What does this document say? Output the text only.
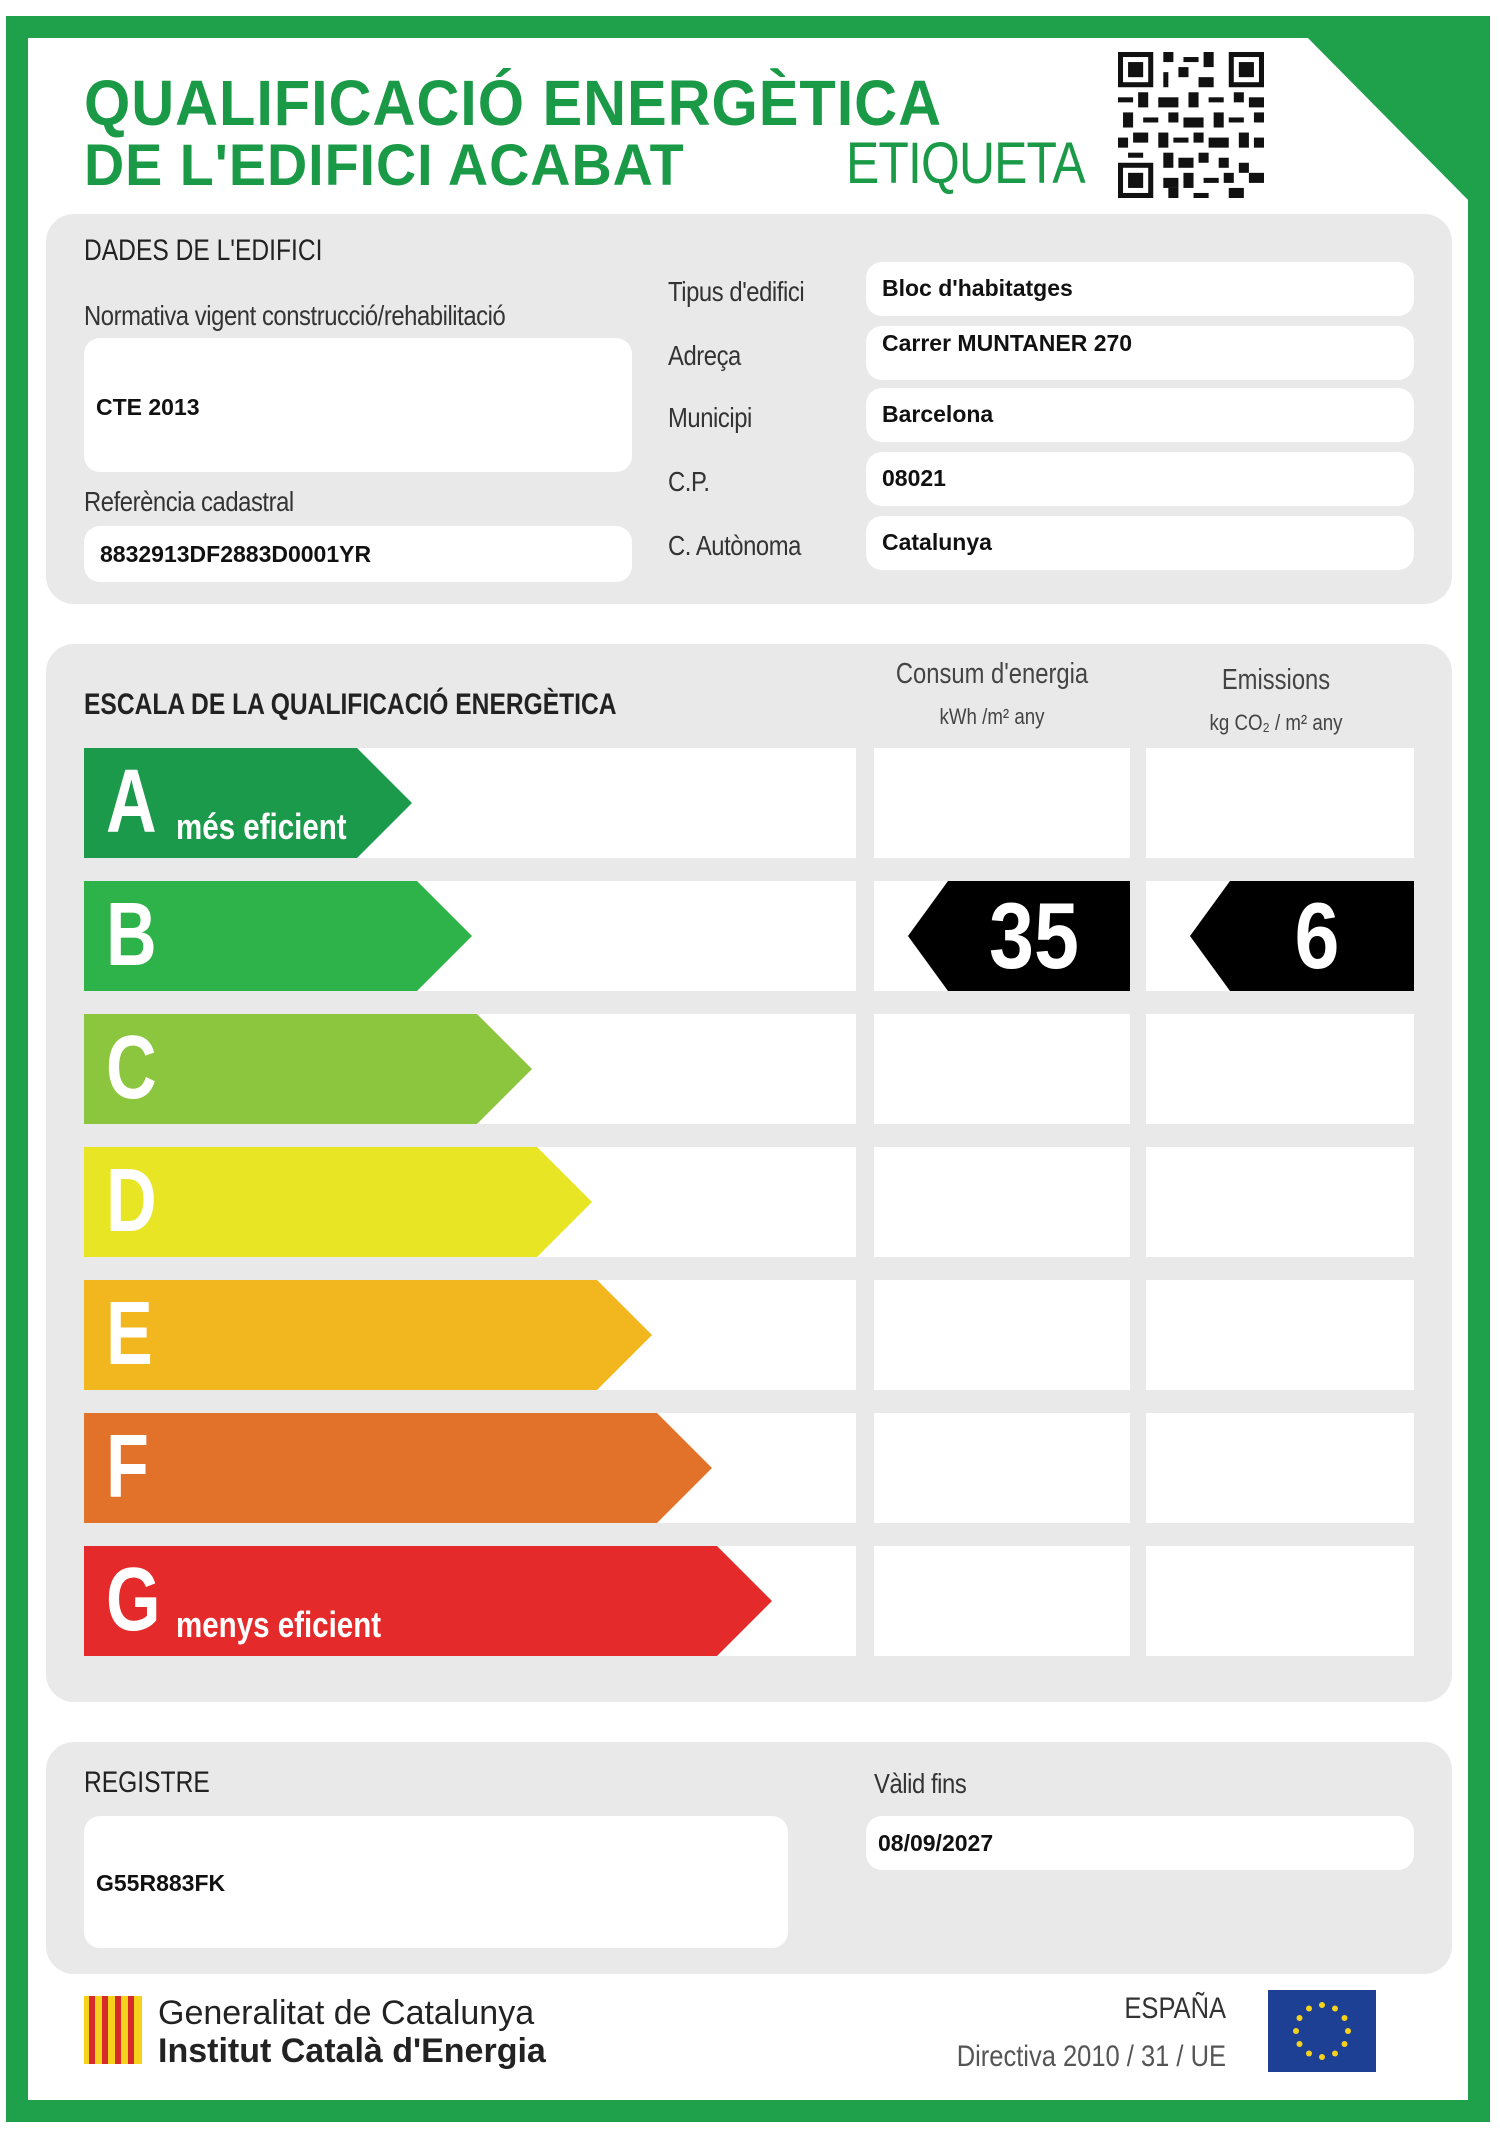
QUALIFICACIÓ ENERGÈTICA
DE L'EDIFICI ACABAT	ETIQUETA
DADES DE L'EDIFICI
Normativa vigent construcció/rehabilitació
CTE 2013
Referència cadastral
8832913DF2883D0001YR
Tipus d'edifici	Bloc d'habitatges
Adreça	Carrer MUNTANER 270
Municipi	Barcelona
C.P.	08021
C. Autònoma	Catalunya
ESCALA DE LA QUALIFICACIÓ ENERGÈTICA
Consum d'energia
kWh /m² any
Emissions
kg CO₂ / m² any
A més eficient
B	35	6
C
D
E
F
G menys eficient
REGISTRE
G55R883FK
Vàlid fins
08/09/2027
Generalitat de Catalunya
Institut Català d'Energia
ESPAÑA
Directiva 2010 / 31 / UE
